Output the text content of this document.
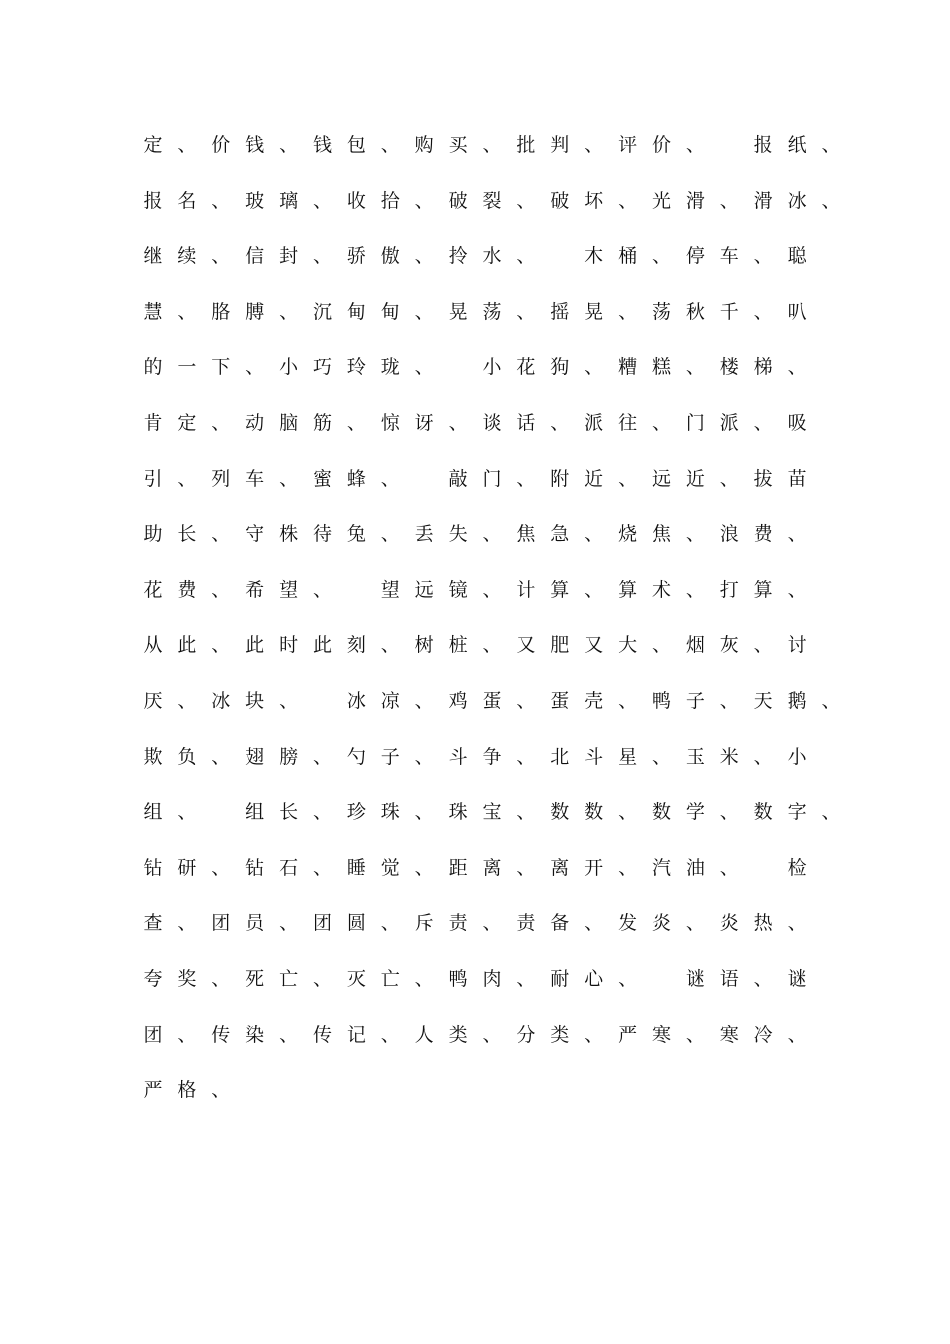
定 、 价 钱 、 钱 包 、 购 买 、 批 判 、 评 价 、
	报 纸 、
报 名 、 玻 璃 、 收 拾 、 破 裂 、 破 坏 、 光 滑 、 滑 冰 、
继 续 、 信 封 、 骄 傲 、 拎 水 、
	木 桶 、 停 车 、 聪
慧 、 胳 膊 、 沉 甸 甸 、 晃 荡 、 摇 晃 、 荡 秋 千 、 叭
的 一 下 、 小 巧 玲 珑 、
	小 花 狗 、 糟 糕 、 楼 梯 、
肯 定 、 动 脑 筋 、 惊 讶 、 谈 话 、 派 往 、 门 派 、 吸
引 、 列 车 、 蜜 蜂 、
	敲 门 、 附 近 、 远 近 、 拔 苗
助 长 、 守 株 待 兔 、 丢 失 、 焦 急 、 烧 焦 、 浪 费 、
花 费 、 希 望 、
	望 远 镜 、 计 算 、 算 术 、 打 算 、
从 此 、 此 时 此 刻 、 树 桩 、 又 肥 又 大 、 烟 灰 、 讨
厌 、 冰 块 、
	冰 凉 、 鸡 蛋 、 蛋 壳 、 鸭 子 、 天 鹅 、
欺 负 、 翅 膀 、 勺 子 、 斗 争 、 北 斗 星 、 玉 米 、 小
组 、
	组 长 、 珍 珠 、 珠 宝 、 数 数 、 数 学 、 数 字 、
钻 研 、 钻 石 、 睡 觉 、 距 离 、 离 开 、 汽 油 、
	检
查 、 团 员 、 团 圆 、 斥 责 、 责 备 、 发 炎 、 炎 热 、
夸 奖 、 死 亡 、 灭 亡 、 鸭 肉 、 耐 心 、
	谜 语 、 谜
团 、 传 染 、 传 记 、 人 类 、 分 类 、 严 寒 、 寒 冷 、
严 格 、
